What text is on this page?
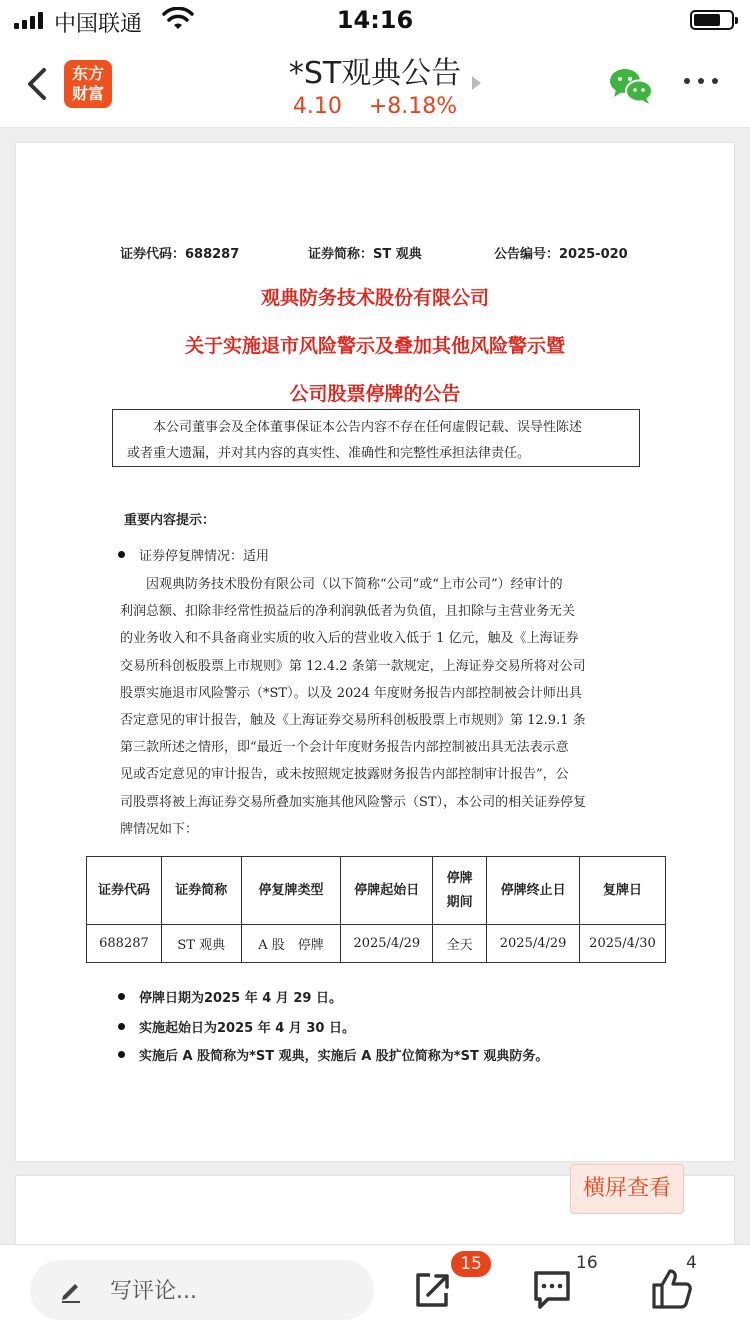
中国联通	14:16
东方
财富
*ST观典公告
4.10 +8.18%
证券代码：688287	证券简称：ST 观典	公告编号：2025-020
观典防务技术股份有限公司
关于实施退市风险警示及叠加其他风险警示暨
公司股票停牌的公告

本公司董事会及全体董事保证本公告内容不存在任何虚假记载、误导性陈述

或者重大遗漏，并对其内容的真实性、准确性和完整性承担法律责任。
重要内容提示：
证券停复牌情况：适用
　　因观典防务技术股份有限公司（以下简称“公司”或“上市公司”）经审计的
利润总额、扣除非经常性损益后的净利润孰低者为负值，且扣除与主营业务无关
的业务收入和不具备商业实质的收入后的营业收入低于 1 亿元，触及《上海证券
交易所科创板股票上市规则》第 12.4.2 条第一款规定，上海证券交易所将对公司
股票实施退市风险警示（*ST）。以及 2024 年度财务报告内部控制被会计师出具
否定意见的审计报告，触及《上海证券交易所科创板股票上市规则》第 12.9.1 条
第三款所述之情形，即“最近一个会计年度财务报告内部控制被出具无法表示意
见或否定意见的审计报告，或未按照规定披露财务报告内部控制审计报告”，公
司股票将被上海证券交易所叠加实施其他风险警示（ST），本公司的相关证券停复
牌情况如下：
证券代码	证券简称	停复牌类型	停牌起始日	停牌期间	停牌终止日	复牌日
688287	ST 观典	A 股　停牌	2025/4/29	全天	2025/4/29	2025/4/30
停牌日期为2025 年 4 月 29 日。
实施起始日为2025 年 4 月 30 日。
实施后 A 股简称为*ST 观典，实施后 A 股扩位简称为*ST 观典防务。
横屏查看
写评论...
15	16	4
